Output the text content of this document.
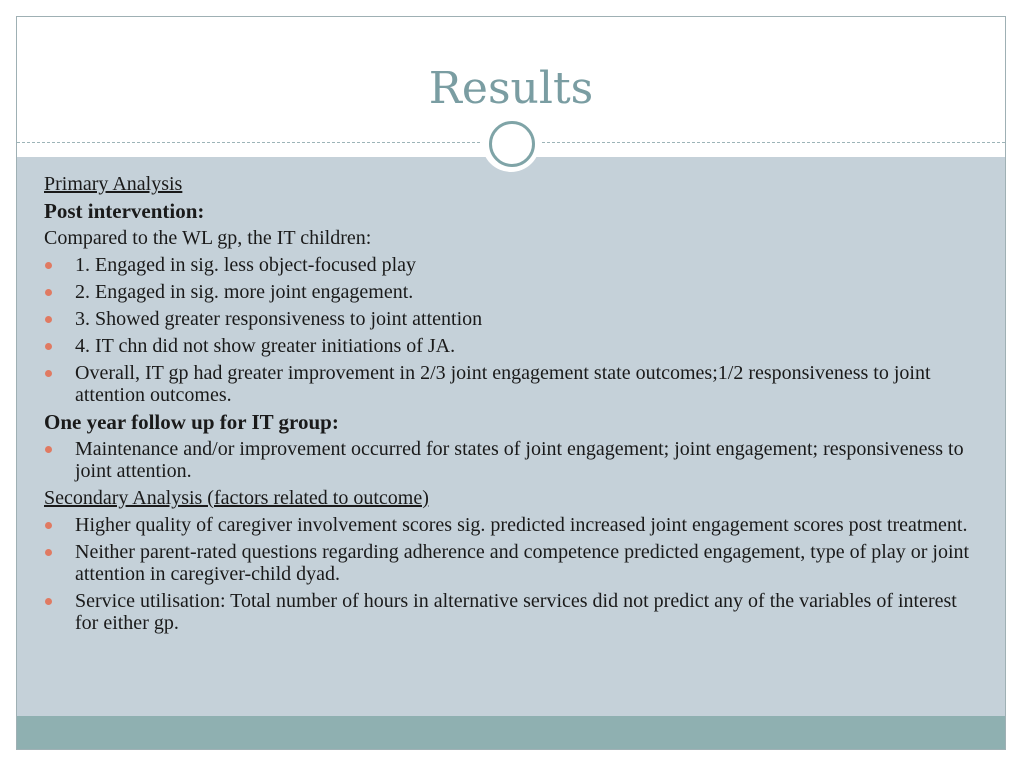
Results
Primary Analysis
Post intervention:
Compared to the WL gp, the IT children:
1. Engaged in sig. less object-focused play
2. Engaged in sig. more joint engagement.
3. Showed greater responsiveness to joint attention
4. IT chn did not show greater initiations of JA.
Overall, IT gp had greater improvement in 2/3 joint engagement state outcomes;1/2 responsiveness to joint attention outcomes.
One year follow up for IT group:
Maintenance and/or improvement occurred for states of joint engagement; joint engagement; responsiveness to joint attention.
Secondary Analysis (factors related to outcome)
Higher quality of caregiver involvement scores sig. predicted increased joint engagement scores post treatment.
Neither parent-rated questions regarding adherence and competence predicted engagement, type of play or joint attention in caregiver-child dyad.
Service utilisation: Total number of hours in alternative services did not predict any of the variables of interest for either gp.
